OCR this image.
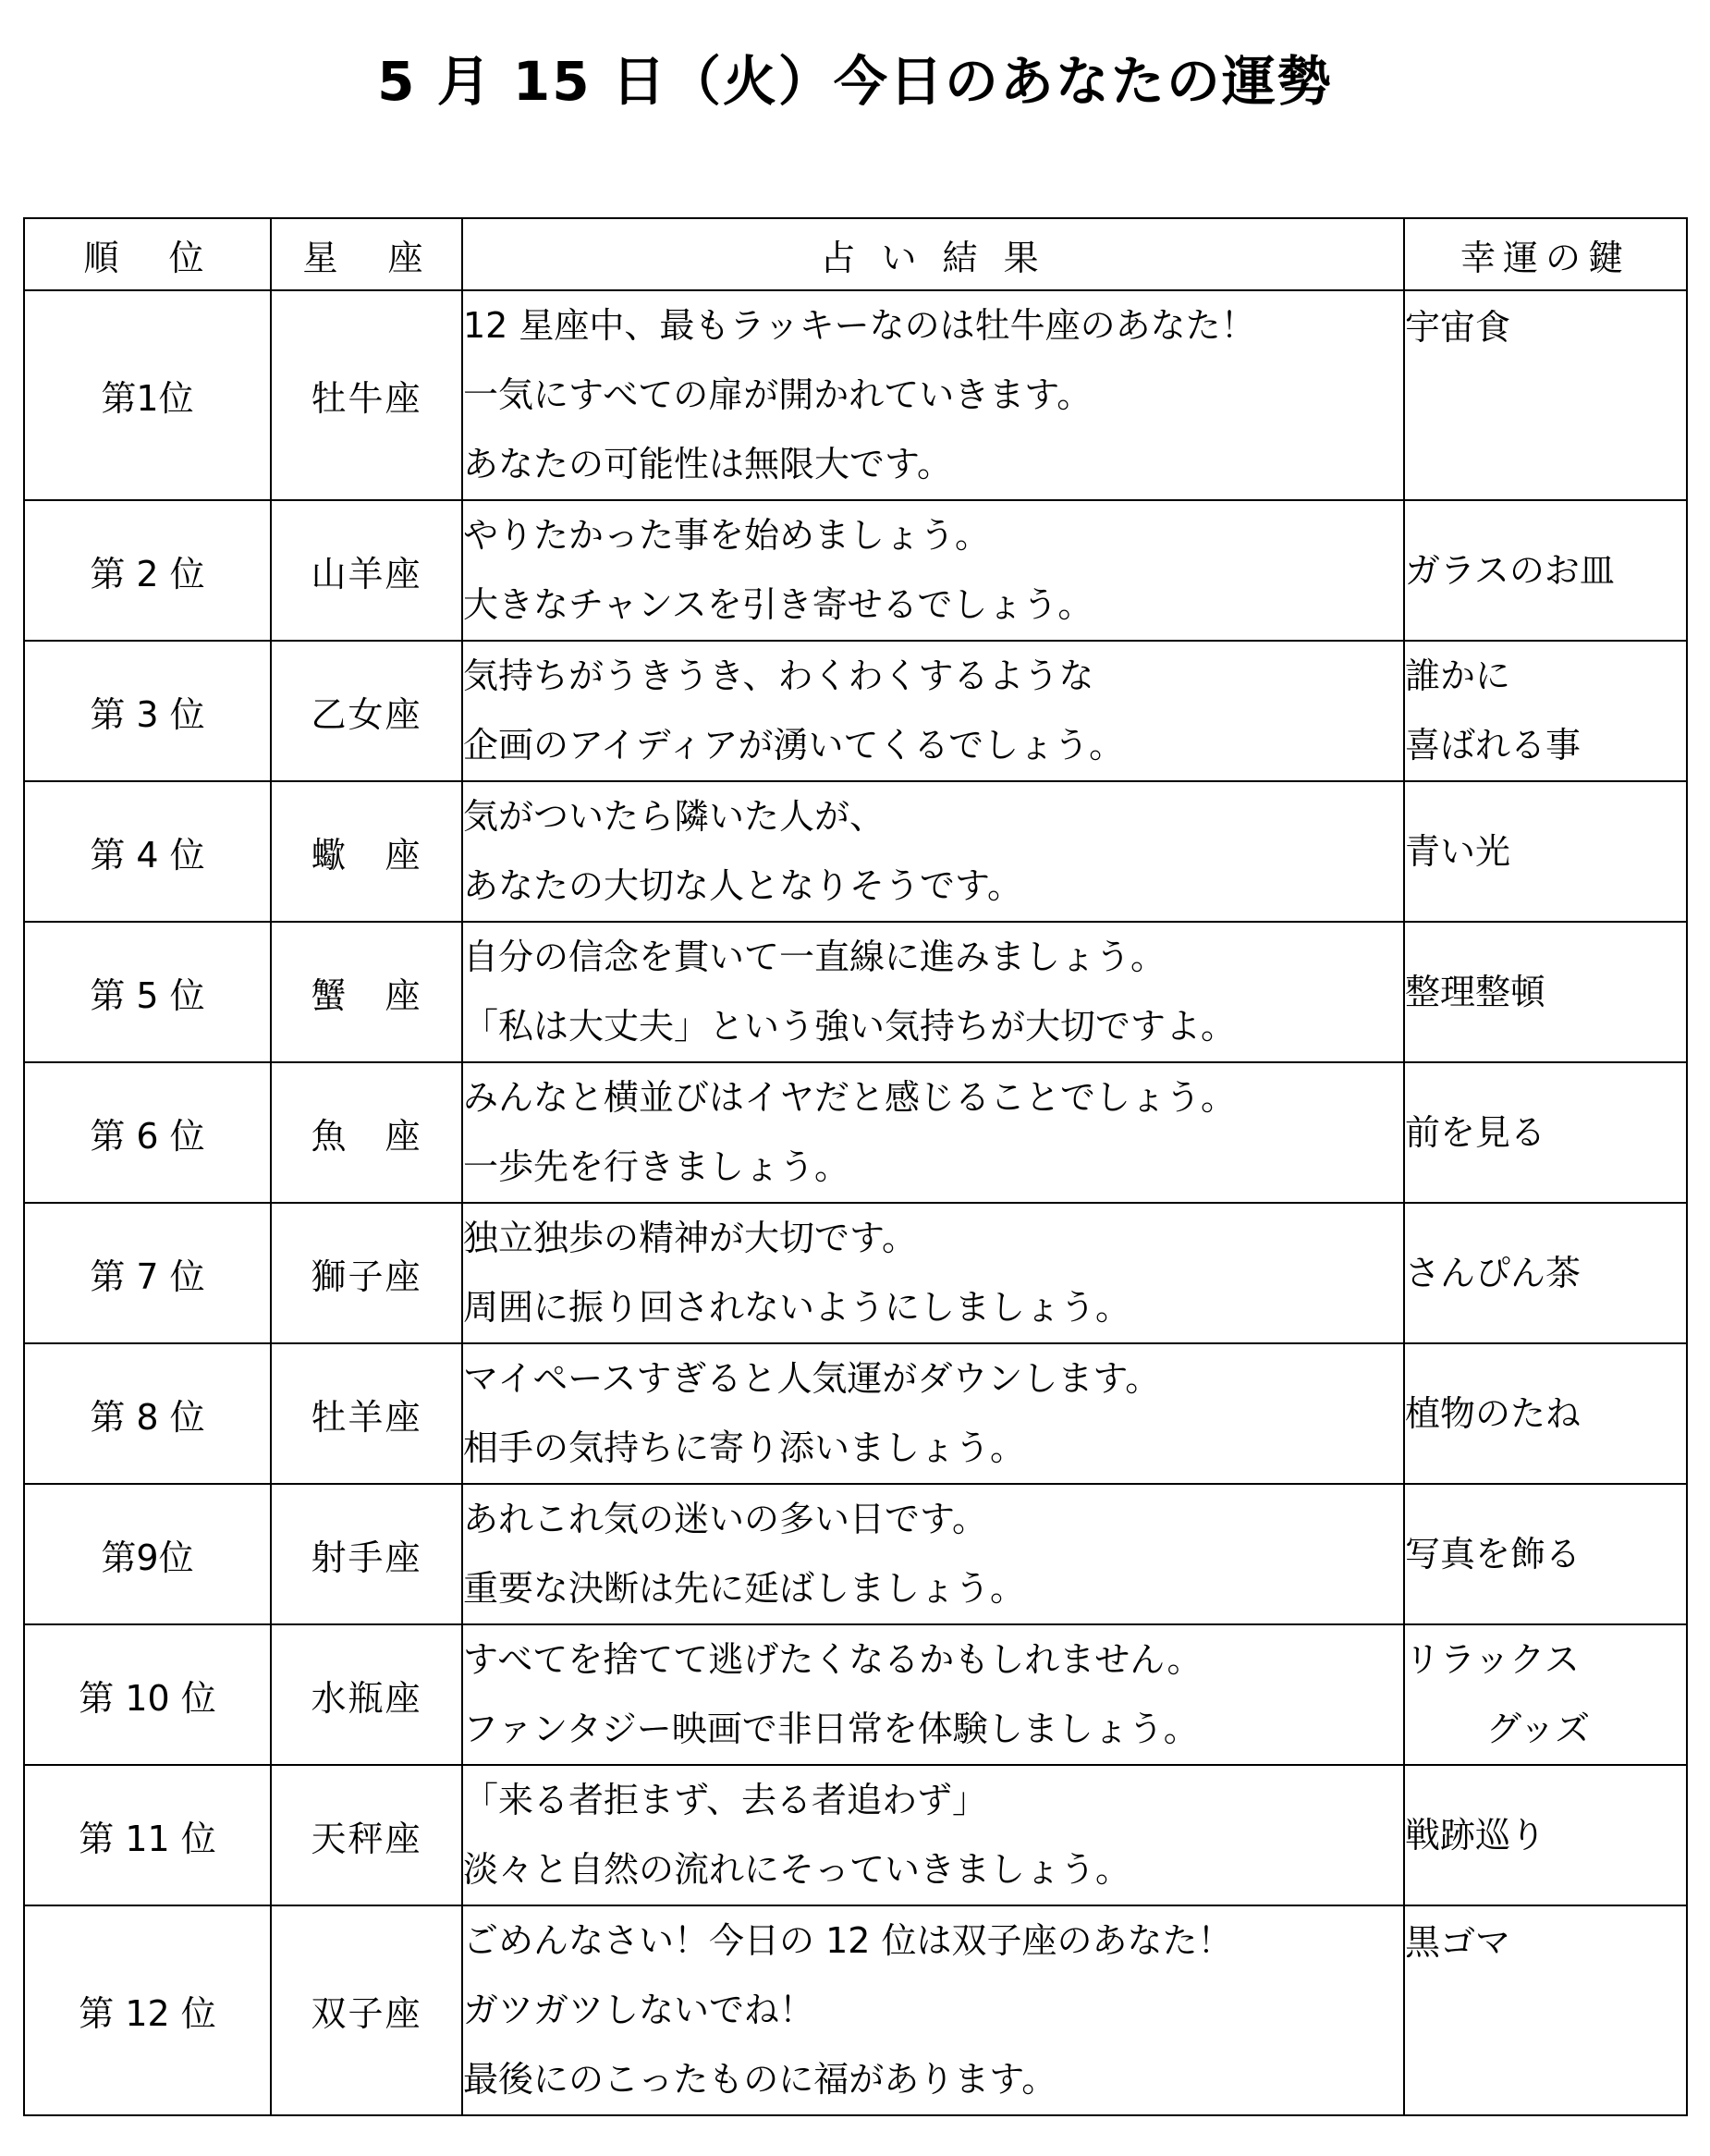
5 月 15 日（火）今日のあなたの運勢
順　位	星　座	占 い 結 果	幸運の鍵
第1位	牡牛座	12 星座中、最もラッキーなのは牡牛座のあなた！
一気にすべての扉が開かれていきます。
あなたの可能性は無限大です。	宇宙食

第 2 位	山羊座	やりたかった事を始めましょう。
大きなチャンスを引き寄せるでしょう。	ガラスのお皿

第 3 位	乙女座	気持ちがうきうき、わくわくするような
企画のアイディアが湧いてくるでしょう。	誰かに
喜ばれる事

第 4 位	蠍　座	気がついたら隣いた人が、
あなたの大切な人となりそうです。	青い光

第 5 位	蟹　座	自分の信念を貫いて一直線に進みましょう。
「私は大丈夫」という強い気持ちが大切ですよ。	整理整頓

第 6 位	魚　座	みんなと横並びはイヤだと感じることでしょう。
一歩先を行きましょう。	前を見る

第 7 位	獅子座	独立独歩の精神が大切です。
周囲に振り回されないようにしましょう。	さんぴん茶

第 8 位	牡羊座	マイペースすぎると人気運がダウンします。
相手の気持ちに寄り添いましょう。	植物のたね

第9位	射手座	あれこれ気の迷いの多い日です。
重要な決断は先に延ばしましょう。	写真を飾る

第 10 位	水瓶座	すべてを捨てて逃げたくなるかもしれません。
ファンタジー映画で非日常を体験しましょう。	リラックス
グッズ

第 11 位	天秤座	「来る者拒まず、去る者追わず」
淡々と自然の流れにそっていきましょう。	戦跡巡り

第 12 位	双子座	ごめんなさい！今日の 12 位は双子座のあなた！
ガツガツしないでね！
最後にのこったものに福があります。	黒ゴマ
